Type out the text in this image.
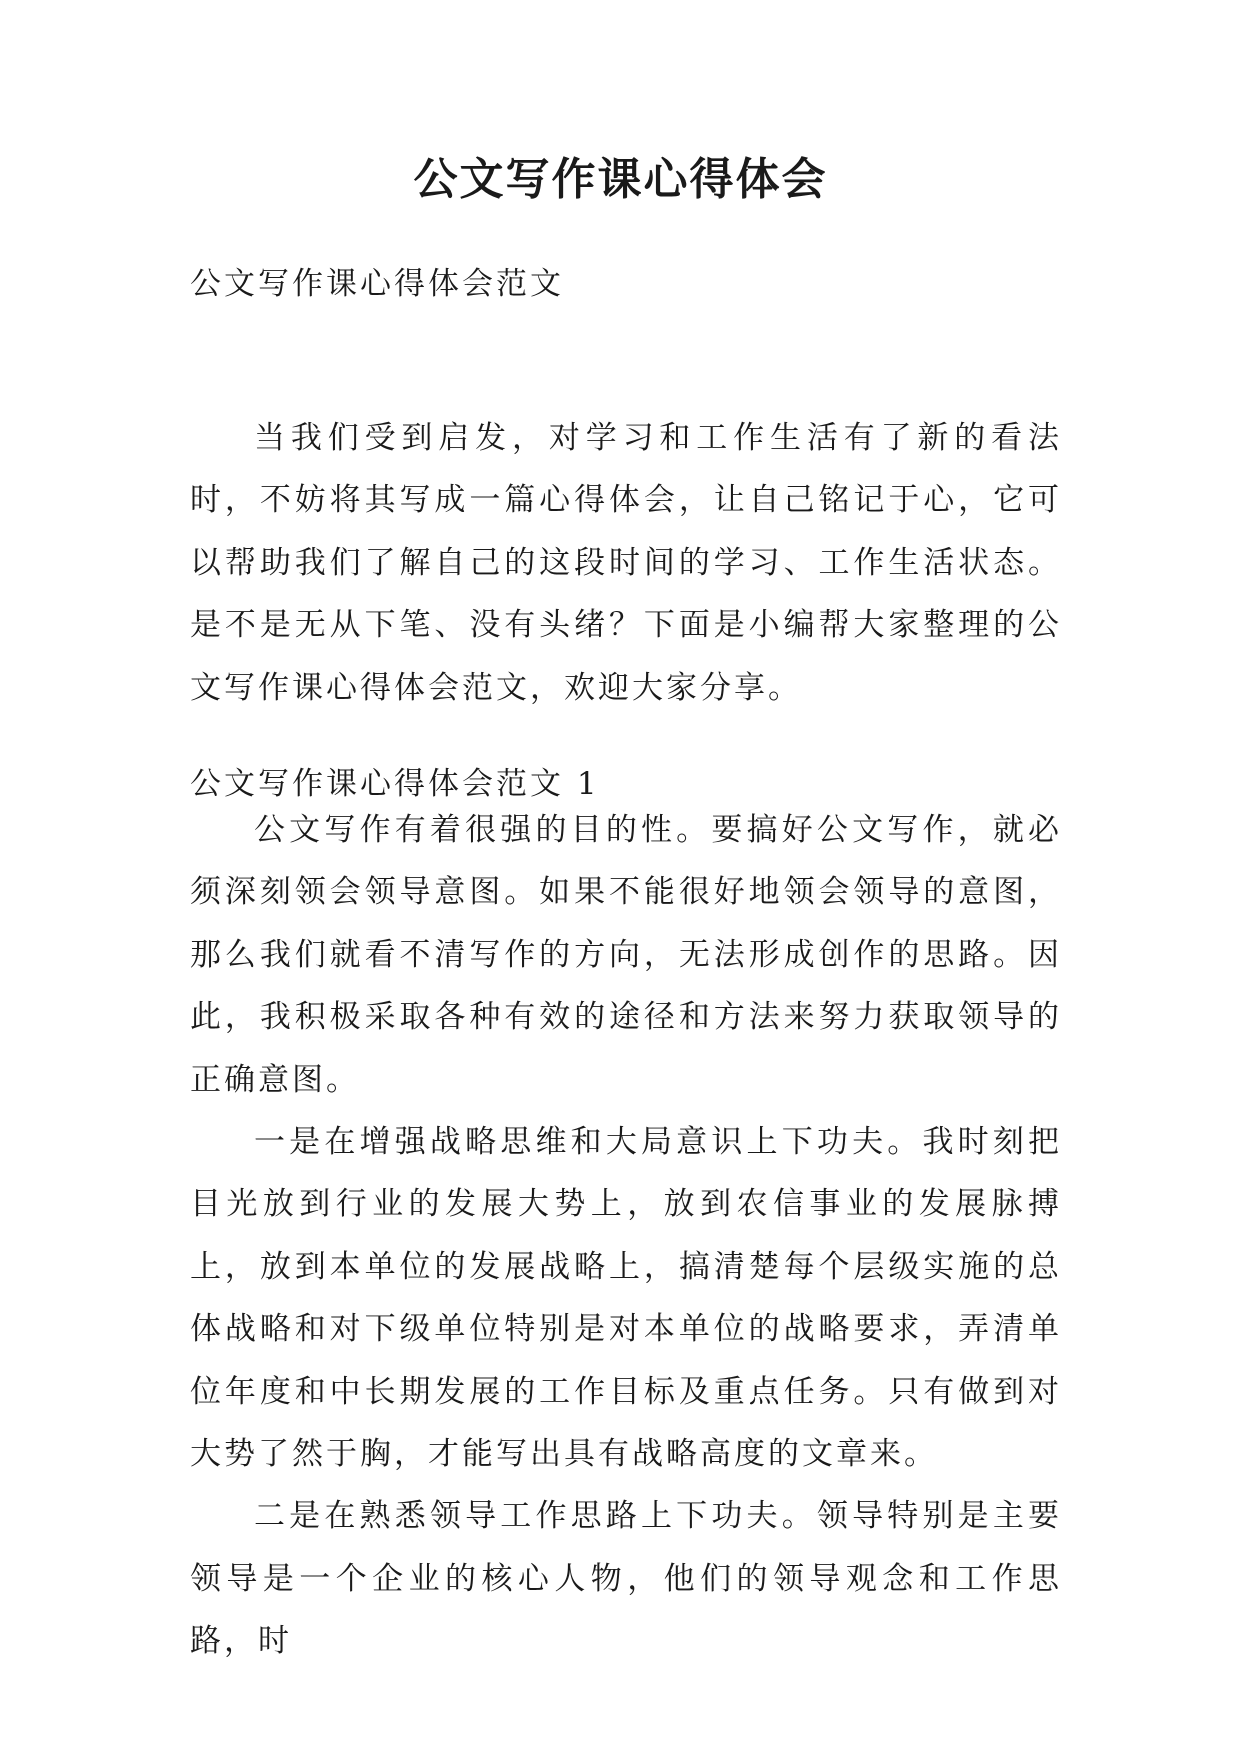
公文写作课心得体会

公文写作课心得体会范文

当我们受到启发，对学习和工作生活有了新的看法时，不妨将其写成一篇心得体会，让自己铭记于心，它可以帮助我们了解自己的这段时间的学习、工作生活状态。是不是无从下笔、没有头绪？下面是小编帮大家整理的公文写作课心得体会范文，欢迎大家分享。

公文写作课心得体会范文 1

公文写作有着很强的目的性。要搞好公文写作，就必须深刻领会领导意图。如果不能很好地领会领导的意图，那么我们就看不清写作的方向，无法形成创作的思路。因此，我积极采取各种有效的途径和方法来努力获取领导的正确意图。

一是在增强战略思维和大局意识上下功夫。我时刻把目光放到行业的发展大势上，放到农信事业的发展脉搏上，放到本单位的发展战略上，搞清楚每个层级实施的总体战略和对下级单位特别是对本单位的战略要求，弄清单位年度和中长期发展的工作目标及重点任务。只有做到对大势了然于胸，才能写出具有战略高度的文章来。

二是在熟悉领导工作思路上下功夫。领导特别是主要领导是一个企业的核心人物，他们的领导观念和工作思路，时
